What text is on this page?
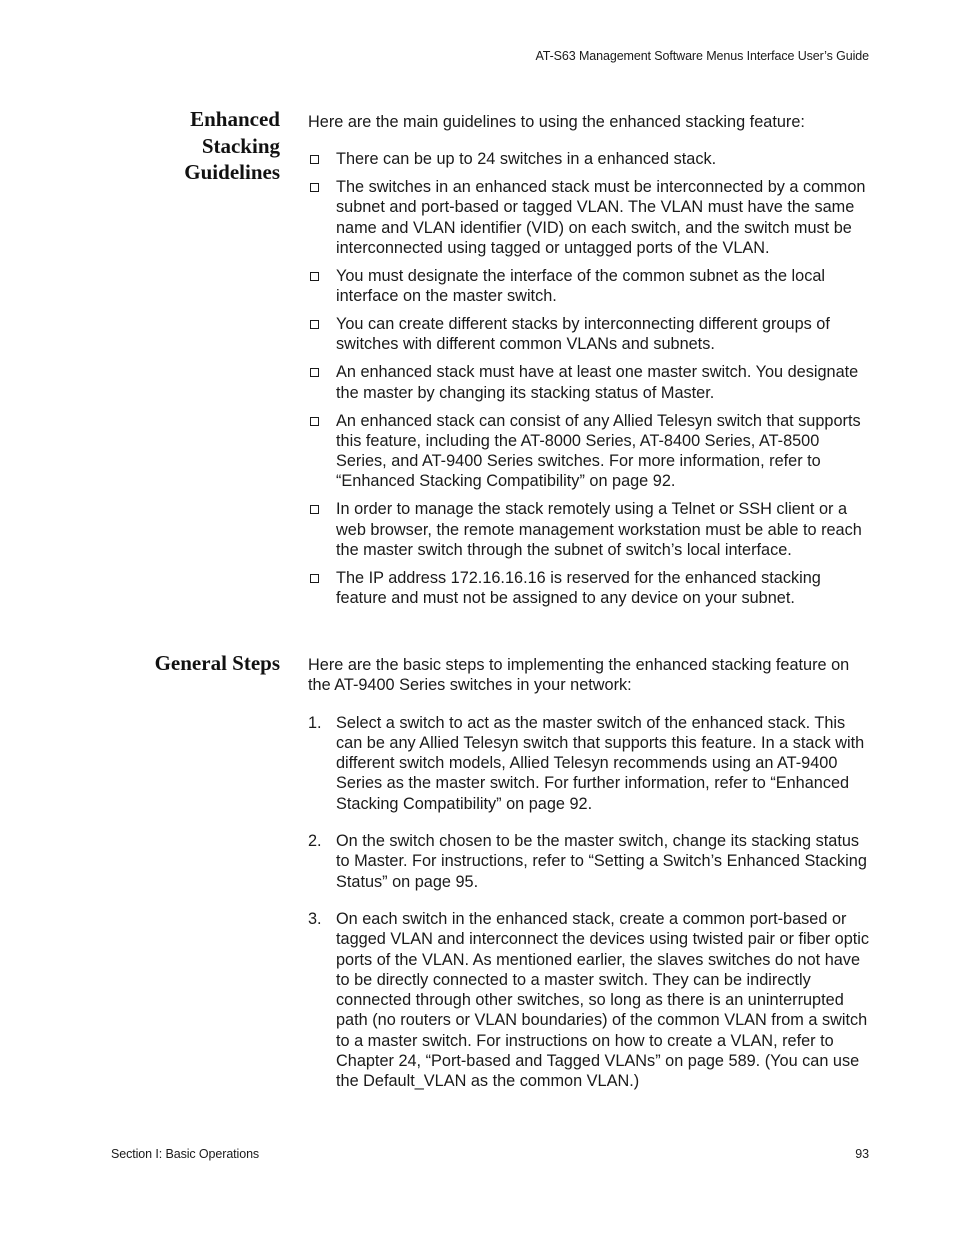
AT-S63 Management Software Menus Interface User’s Guide
Enhanced
Stacking
Guidelines

Here are the main guidelines to using the enhanced stacking feature:

There can be up to 24 switches in a enhanced stack.
The switches in an enhanced stack must be interconnected by a common subnet and port-based or tagged VLAN. The VLAN must have the same name and VLAN identifier (VID) on each switch, and the switch must be interconnected using tagged or untagged ports of the VLAN.
You must designate the interface of the common subnet as the local interface on the master switch.
You can create different stacks by interconnecting different groups of switches with different common VLANs and subnets.
An enhanced stack must have at least one master switch. You designate the master by changing its stacking status of Master.
An enhanced stack can consist of any Allied Telesyn switch that supports this feature, including the AT-8000 Series, AT-8400 Series, AT-8500 Series, and AT-9400 Series switches. For more information, refer to “Enhanced Stacking Compatibility” on page 92.
In order to manage the stack remotely using a Telnet or SSH client or a web browser, the remote management workstation must be able to reach the master switch through the subnet of switch’s local interface.
The IP address 172.16.16.16 is reserved for the enhanced stacking feature and must not be assigned to any device on your subnet.
General Steps Here are the basic steps to implementing the enhanced stacking feature on the AT-9400 Series switches in your network:

1. Select a switch to act as the master switch of the enhanced stack. This can be any Allied Telesyn switch that supports this feature. In a stack with different switch models, Allied Telesyn recommends using an AT-9400 Series as the master switch. For further information, refer to “Enhanced Stacking Compatibility” on page 92.
2. On the switch chosen to be the master switch, change its stacking status to Master. For instructions, refer to “Setting a Switch’s Enhanced Stacking Status” on page 95.
3. On each switch in the enhanced stack, create a common port-based or tagged VLAN and interconnect the devices using twisted pair or fiber optic ports of the VLAN. As mentioned earlier, the slaves switches do not have to be directly connected to a master switch. They can be indirectly connected through other switches, so long as there is an uninterrupted path (no routers or VLAN boundaries) of the common VLAN from a switch to a master switch. For instructions on how to create a VLAN, refer to Chapter 24, “Port-based and Tagged VLANs” on page 589. (You can use the Default_VLAN as the common VLAN.)
Section I: Basic Operations	93
